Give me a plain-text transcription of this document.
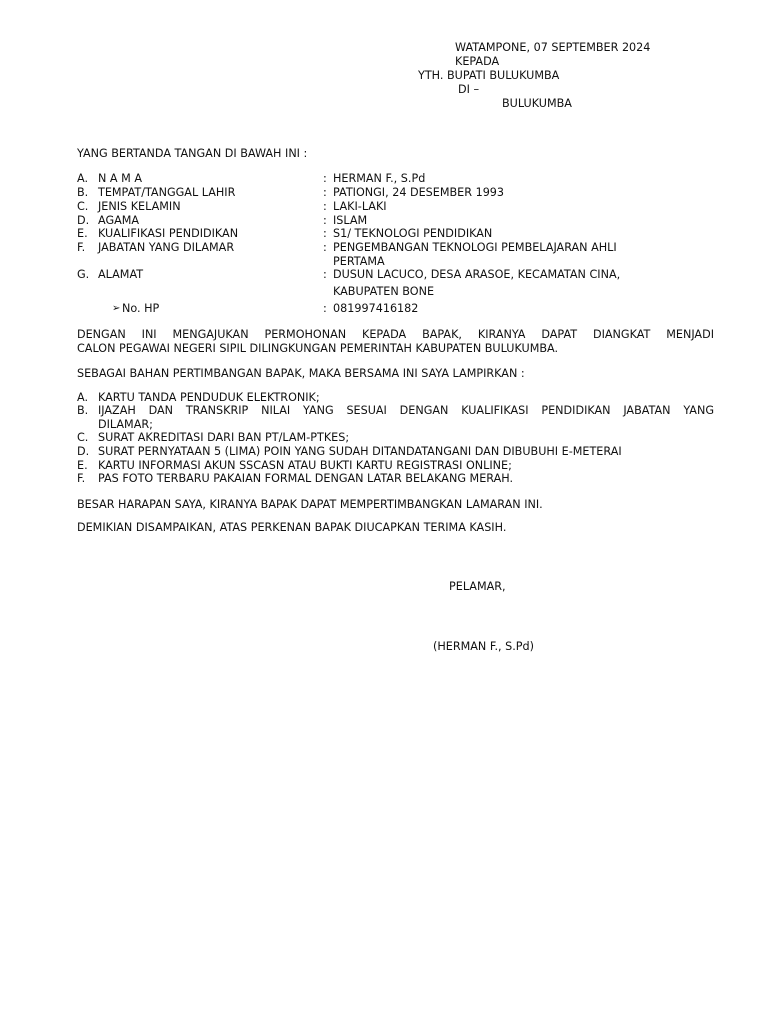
WATAMPONE, 07 SEPTEMBER 2024
KEPADA
YTH. BUPATI BULUKUMBA
DI –
BULUKUMBA
YANG BERTANDA TANGAN DI BAWAH INI :
A. N A M A	: HERMAN F., S.Pd
B. TEMPAT/TANGGAL LAHIR	: PATIONGI, 24 DESEMBER 1993
C. JENIS KELAMIN	: LAKI-LAKI
D. AGAMA	: ISLAM
E. KUALIFIKASI PENDIDIKAN	: S1/ TEKNOLOGI PENDIDIKAN
F. JABATAN YANG DILAMAR	: PENGEMBANGAN TEKNOLOGI PEMBELAJARAN AHLI
PERTAMA
G. ALAMAT	: DUSUN LACUCO, DESA ARASOE, KECAMATAN CINA,
KABUPATEN BONE
➢ No. HP	: 081997416182
DENGAN INI MENGAJUKAN PERMOHONAN KEPADA BAPAK, KIRANYA DAPAT DIANGKAT MENJADI
CALON PEGAWAI NEGERI SIPIL DILINGKUNGAN PEMERINTAH KABUPATEN BULUKUMBA.
SEBAGAI BAHAN PERTIMBANGAN BAPAK, MAKA BERSAMA INI SAYA LAMPIRKAN :
A. KARTU TANDA PENDUDUK ELEKTRONIK;
B. IJAZAH DAN TRANSKRIP NILAI YANG SESUAI DENGAN KUALIFIKASI PENDIDIKAN JABATAN YANG
DILAMAR;
C. SURAT AKREDITASI DARI BAN PT/LAM-PTKES;
D. SURAT PERNYATAAN 5 (LIMA) POIN YANG SUDAH DITANDATANGANI DAN DIBUBUHI E-METERAI
E. KARTU INFORMASI AKUN SSCASN ATAU BUKTI KARTU REGISTRASI ONLINE;
F. PAS FOTO TERBARU PAKAIAN FORMAL DENGAN LATAR BELAKANG MERAH.
BESAR HARAPAN SAYA, KIRANYA BAPAK DAPAT MEMPERTIMBANGKAN LAMARAN INI.
DEMIKIAN DISAMPAIKAN, ATAS PERKENAN BAPAK DIUCAPKAN TERIMA KASIH.
PELAMAR,
(HERMAN F., S.Pd)
